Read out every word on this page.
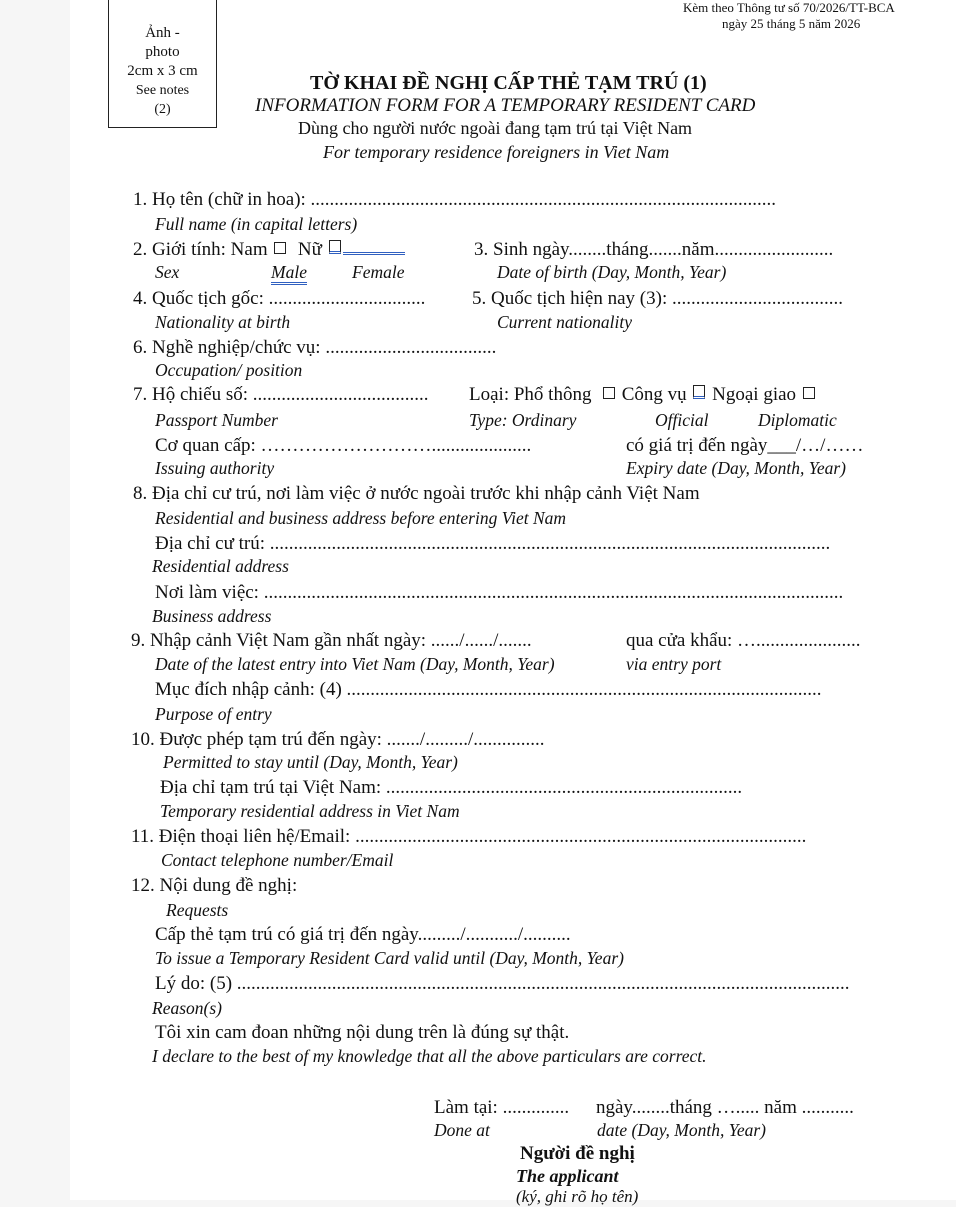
Kèm theo Thông tư số 70/2026/TT-BCA
ngày 25 tháng 5 năm 2026
Ảnh -
photo
2cm x 3 cm
See notes
(2)
TỜ KHAI ĐỀ NGHỊ CẤP THẺ TẠM TRÚ (1)
INFORMATION FORM FOR A TEMPORARY RESIDENT CARD
Dùng cho người nước ngoài đang tạm trú tại Việt Nam
For temporary residence foreigners in Viet Nam
1. Họ tên (chữ in hoa): ..................................................................................................
Full name (in capital letters)
2. Giới tính: Nam Nữ	3. Sinh ngày........tháng.......năm.........................
Sex	Male	Female	Date of birth (Day, Month, Year)
4. Quốc tịch gốc: ................................. 5. Quốc tịch hiện nay (3): ....................................
Nationality at birth	Current nationality
6. Nghề nghiệp/chức vụ: ....................................
Occupation/ position
7. Hộ chiếu số: ..................................... Loại: Phổ thông Công vụ Ngoại giao
Passport Number	Type: Ordinary	Official	Diplomatic
Cơ quan cấp: ……………………….....................	có giá trị đến ngày___/…/……
Issuing authority	Expiry date (Day, Month, Year)
8. Địa chỉ cư trú, nơi làm việc ở nước ngoài trước khi nhập cảnh Việt Nam
Residential and business address before entering Viet Nam
Địa chỉ cư trú: ......................................................................................................................
Residential address
Nơi làm việc: ..........................................................................................................................
Business address
9. Nhập cảnh Việt Nam gần nhất ngày: ....../....../.......	qua cửa khẩu: …......................
Date of the latest entry into Viet Nam (Day, Month, Year)	via entry port
Mục đích nhập cảnh: (4) ....................................................................................................
Purpose of entry
10. Được phép tạm trú đến ngày: ......./........./...............
Permitted to stay until (Day, Month, Year)
Địa chỉ tạm trú tại Việt Nam: ...........................................................................
Temporary residential address in Viet Nam
11. Điện thoại liên hệ/Email: ...............................................................................................
Contact telephone number/Email
12. Nội dung đề nghị:
Requests
Cấp thẻ tạm trú có giá trị đến ngày........./.........../..........
To issue a Temporary Resident Card valid until (Day, Month, Year)
Lý do: (5) .................................................................................................................................
Reason(s)
Tôi xin cam đoan những nội dung trên là đúng sự thật.
I declare to the best of my knowledge that all the above particulars are correct.
Làm tại: .............. ngày........tháng …..... năm ...........
Done at	date (Day, Month, Year)
Người đề nghị
The applicant
(ký, ghi rõ họ tên)
